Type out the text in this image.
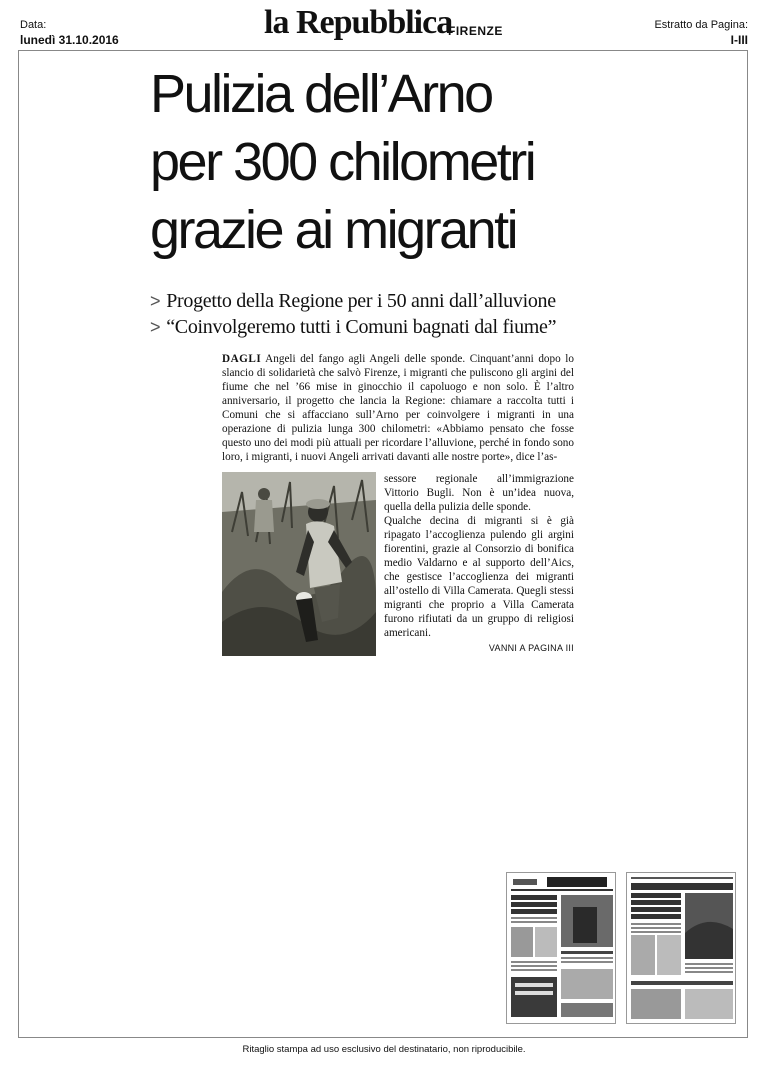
Data:
lunedì 31.10.2016	la Repubblica
FIRENZE	Estratto da Pagina:
I-III
Pulizia dell’Arno
per 300 chilometri
grazie ai migranti
> Progetto della Regione per i 50 anni dall’alluvione
> “Coinvolgeremo tutti i Comuni bagnati dal fiume”

DAGLI Angeli del fango agli Angeli delle sponde. Cinquant’anni dopo lo slancio di solidarietà che salvò Firenze, i migranti che puliscono gli argini del fiume che nel ’66 mise in ginocchio il capoluogo e non solo. È l’altro anniversario, il progetto che lancia la Regione: chiamare a raccolta tutti i Comuni che si affacciano sull’Arno per coinvolgere i migranti in una operazione di pulizia lunga 300 chilometri: «Abbiamo pensato che fosse questo uno dei modi più attuali per ricordare l’alluvione, perché in fondo sono loro, i migranti, i nuovi Angeli arrivati davanti alle nostre porte», dice l’as-

sessore regionale all’immigrazione Vittorio Bugli. Non è un’idea nuova, quella della pulizia delle sponde.

Qualche decina di migranti si è già ripagato l’accoglienza pulendo gli argini fiorentini, grazie al Consorzio di bonifica medio Valdarno e al supporto dell’Aics, che gestisce l’accoglienza dei migranti all’ostello di Villa Camerata. Quegli stessi migranti che proprio a Villa Camerata furono rifiutati da un gruppo di religiosi americani.

VANNI A PAGINA III
Ritaglio stampa ad uso esclusivo del destinatario, non riproducibile.
